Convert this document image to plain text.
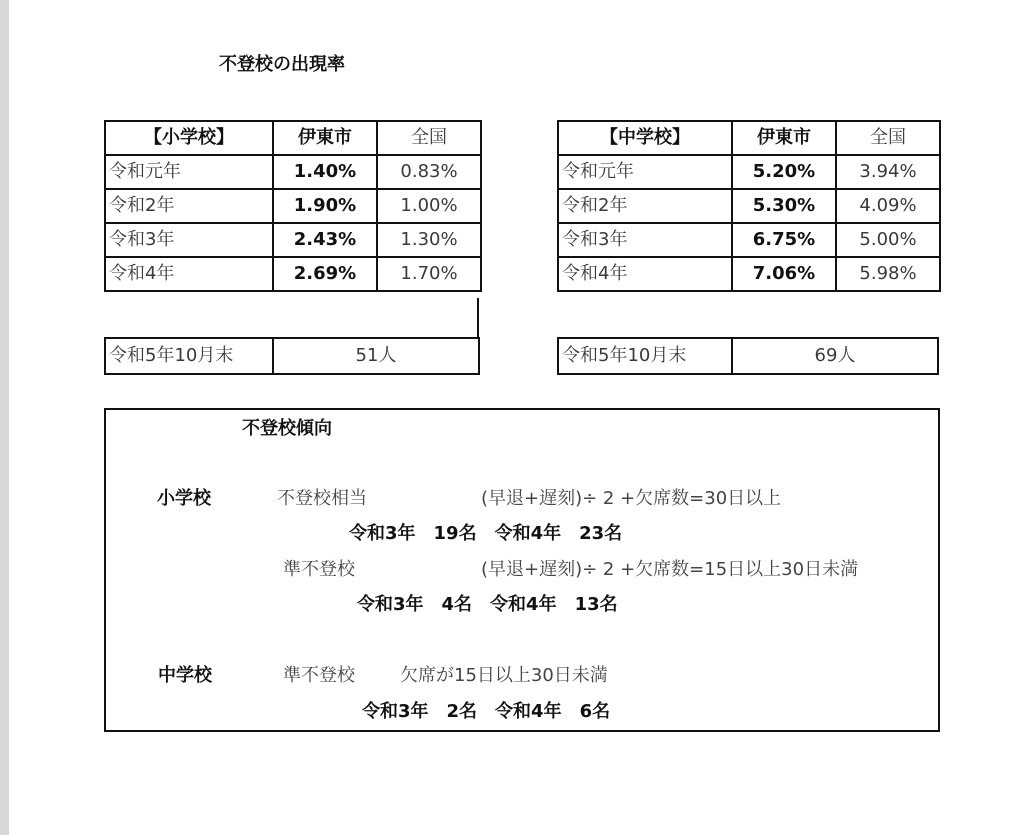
不登校の出現率
【小学校】	伊東市	全国
令和元年	1.40%	0.83%
令和2年	1.90%	1.00%
令和3年	2.43%	1.30%
令和4年	2.69%	1.70%
令和5年10月末	51人
【中学校】	伊東市	全国
令和元年	5.20%	3.94%
令和2年	5.30%	4.09%
令和3年	6.75%	5.00%
令和4年	7.06%	5.98%
令和5年10月末	69人
不登校傾向
小学校	不登校相当	(早退+遅刻)÷ 2 +欠席数=30日以上
令和3年　19名　令和4年　23名
準不登校	(早退+遅刻)÷ 2 +欠席数=15日以上30日未満
令和3年　4名　令和4年　13名
中学校	準不登校	欠席が15日以上30日未満
令和3年　2名　令和4年　6名
